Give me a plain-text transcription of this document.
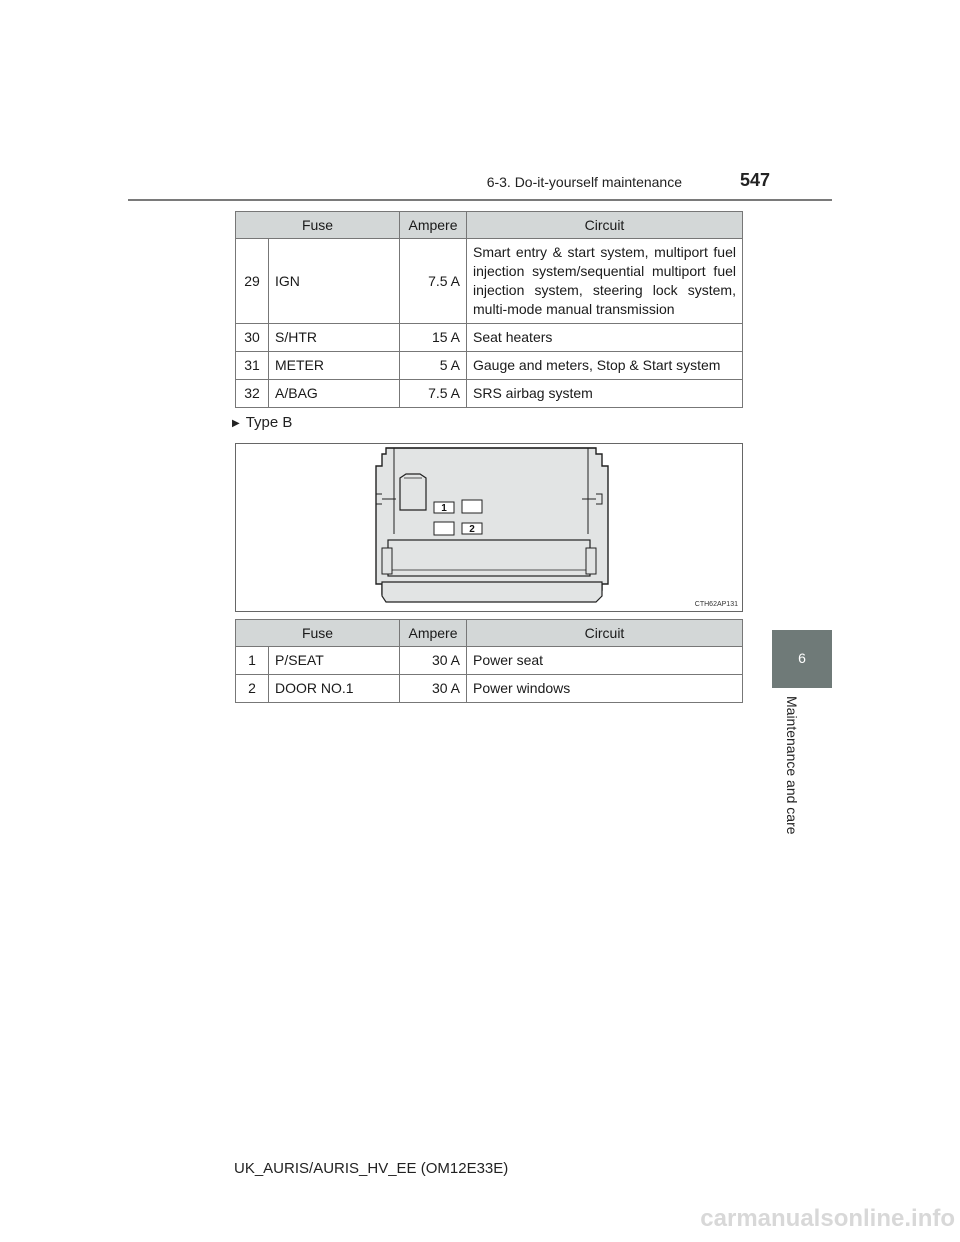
6-3. Do-it-yourself maintenance	547
6
Maintenance and care
Fuse		Ampere	Circuit
29	IGN	7.5 A	Smart entry & start system, multiport fuel injection system/sequential multiport fuel injection system, steering lock system, multi-mode manual transmission
30	S/HTR	15 A	Seat heaters
31	METER	5 A	Gauge and meters, Stop & Start system
32	A/BAG	7.5 A	SRS airbag system
▶ Type B
1
2
CTH62AP131
Fuse		Ampere	Circuit
1	P/SEAT	30 A	Power seat
2	DOOR NO.1	30 A	Power windows
UK_AURIS/AURIS_HV_EE (OM12E33E)
carmanualsonline.info
